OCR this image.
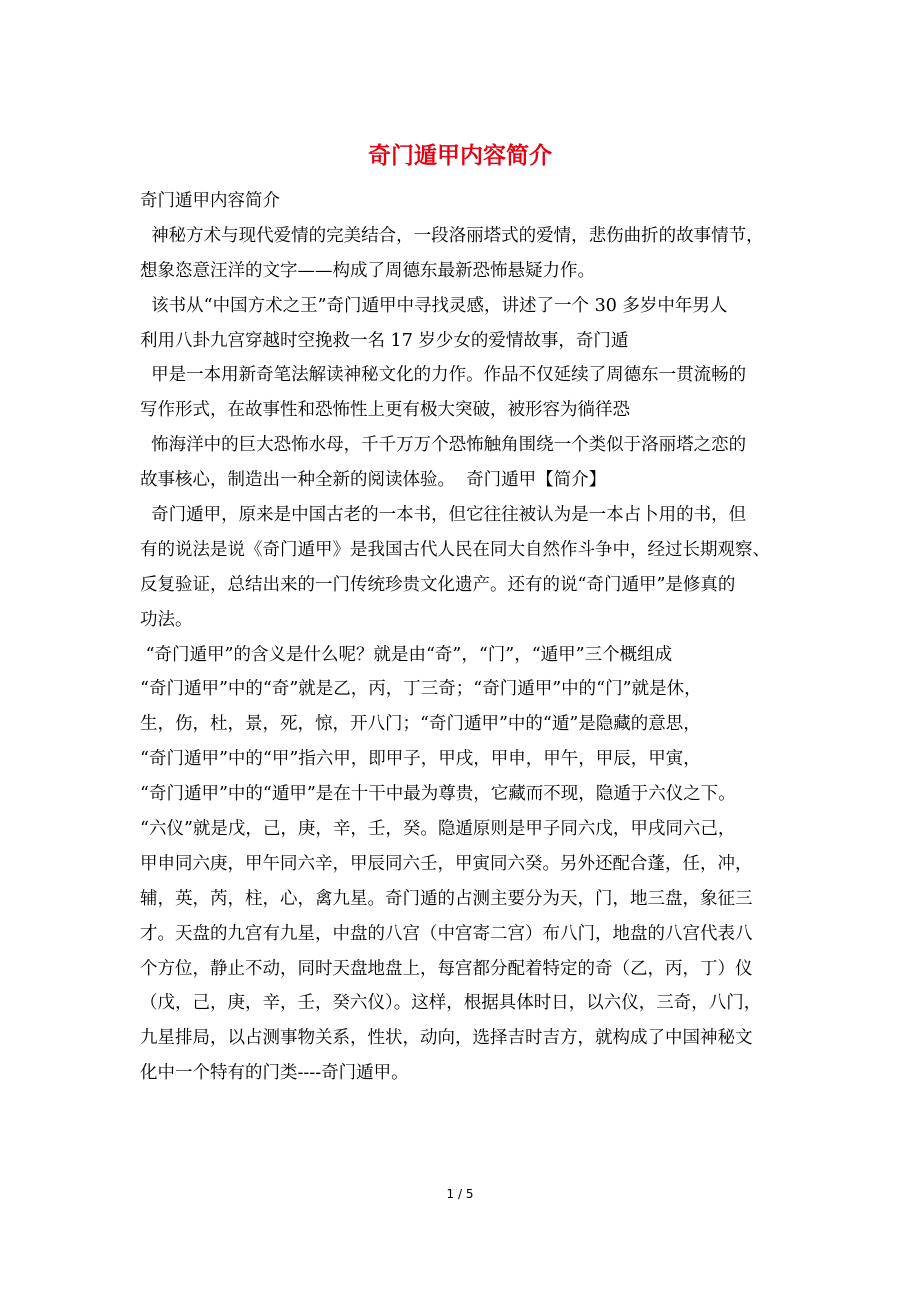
奇门遁甲内容简介

奇门遁甲内容简介

神秘方术与现代爱情的完美结合，一段洛丽塔式的爱情，悲伤曲折的故事情节，

想象恣意汪洋的文字——构成了周德东最新恐怖悬疑力作。

该书从“中国方术之王”奇门遁甲中寻找灵感，讲述了一个 30 多岁中年男人

利用八卦九宫穿越时空挽救一名 17 岁少女的爱情故事，奇门遁

甲是一本用新奇笔法解读神秘文化的力作。作品不仅延续了周德东一贯流畅的

写作形式，在故事性和恐怖性上更有极大突破，被形容为徜徉恐

怖海洋中的巨大恐怖水母，千千万万个恐怖触角围绕一个类似于洛丽塔之恋的

故事核心，制造出一种全新的阅读体验。  奇门遁甲【简介】

奇门遁甲，原来是中国古老的一本书，但它往往被认为是一本占卜用的书，但

有的说法是说《奇门遁甲》是我国古代人民在同大自然作斗争中，经过长期观察、

反复验证，总结出来的一门传统珍贵文化遗产。还有的说“奇门遁甲”是修真的

功法。

“奇门遁甲”的含义是什么呢？就是由“奇”，“门”，“遁甲”三个概组成

“奇门遁甲”中的“奇”就是乙，丙，丁三奇；“奇门遁甲”中的“门”就是休，

生，伤，杜，景，死，惊，开八门；“奇门遁甲”中的“遁”是隐藏的意思，

“奇门遁甲”中的“甲”指六甲，即甲子，甲戌，甲申，甲午，甲辰，甲寅，

“奇门遁甲”中的“遁甲”是在十干中最为尊贵，它藏而不现，隐遁于六仪之下。

“六仪”就是戊，己，庚，辛，壬，癸。隐遁原则是甲子同六戊，甲戌同六己，

甲申同六庚，甲午同六辛，甲辰同六壬，甲寅同六癸。另外还配合蓬，任，冲，

辅，英，芮，柱，心，禽九星。奇门遁的占测主要分为天，门，地三盘，象征三

才。天盘的九宫有九星，中盘的八宫（中宫寄二宫）布八门，地盘的八宫代表八

个方位，静止不动，同时天盘地盘上，每宫都分配着特定的奇（乙，丙，丁）仪

（戊，己，庚，辛，壬，癸六仪）。这样，根据具体时日，以六仪，三奇，八门，

九星排局，以占测事物关系，性状，动向，选择吉时吉方，就构成了中国神秘文

化中一个特有的门类----奇门遁甲。

1 / 5
